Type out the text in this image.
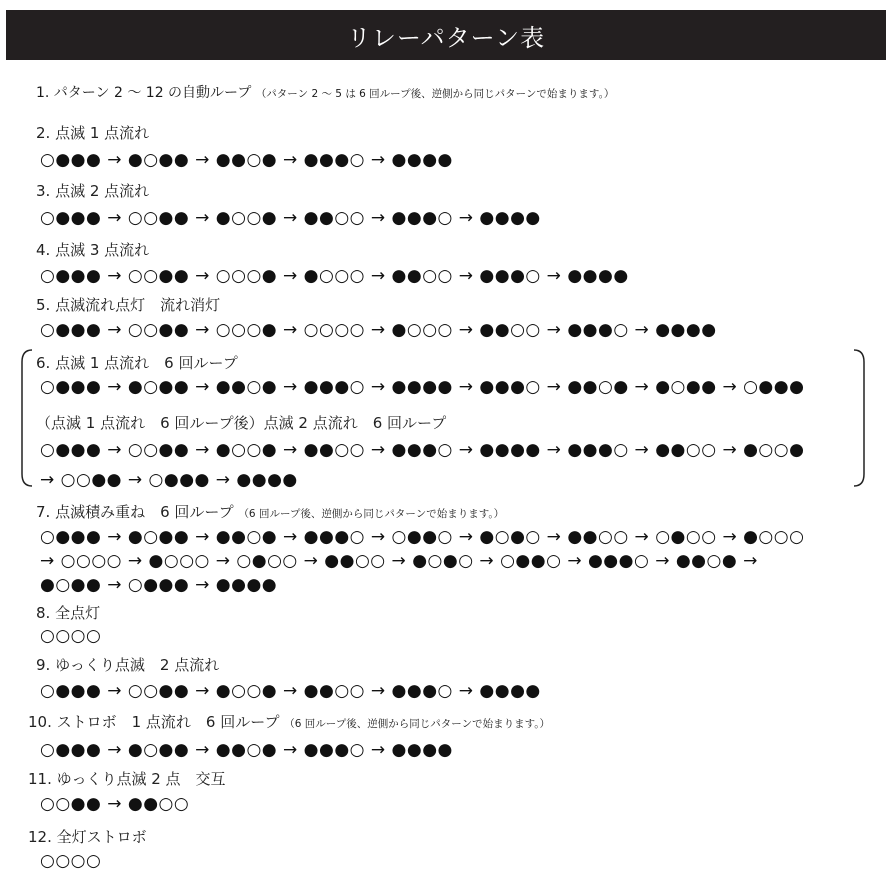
リレーパターン表
1. パターン 2 ～ 12 の自動ループ （パターン 2 ～ 5 は 6 回ループ後、逆側から同じパターンで始まります。）
2. 点滅 1 点流れ
○●●● → ●○●● → ●●○● → ●●●○ → ●●●●
3. 点滅 2 点流れ
○●●● → ○○●● → ●○○● → ●●○○ → ●●●○ → ●●●●
4. 点滅 3 点流れ
○●●● → ○○●● → ○○○● → ●○○○ → ●●○○ → ●●●○ → ●●●●
5. 点滅流れ点灯　流れ消灯
○●●● → ○○●● → ○○○● → ○○○○ → ●○○○ → ●●○○ → ●●●○ → ●●●●
6. 点滅 1 点流れ　6 回ループ
○●●● → ●○●● → ●●○● → ●●●○ → ●●●● → ●●●○ → ●●○● → ●○●● → ○●●●
（点滅 1 点流れ　6 回ループ後）点滅 2 点流れ　6 回ループ
○●●● → ○○●● → ●○○● → ●●○○ → ●●●○ → ●●●● → ●●●○ → ●●○○ → ●○○●
→ ○○●● → ○●●● → ●●●●
7. 点滅積み重ね　6 回ループ （6 回ループ後、逆側から同じパターンで始まります。）
○●●● → ●○●● → ●●○● → ●●●○ → ○●●○ → ●○●○ → ●●○○ → ○●○○ → ●○○○
→ ○○○○ → ●○○○ → ○●○○ → ●●○○ → ●○●○ → ○●●○ → ●●●○ → ●●○● →
●○●● → ○●●● → ●●●●
8. 全点灯
○○○○
9. ゆっくり点滅　2 点流れ
○●●● → ○○●● → ●○○● → ●●○○ → ●●●○ → ●●●●
10. ストロボ　1 点流れ　6 回ループ （6 回ループ後、逆側から同じパターンで始まります。）
○●●● → ●○●● → ●●○● → ●●●○ → ●●●●
11. ゆっくり点滅 2 点　交互
○○●● → ●●○○
12. 全灯ストロボ
○○○○
